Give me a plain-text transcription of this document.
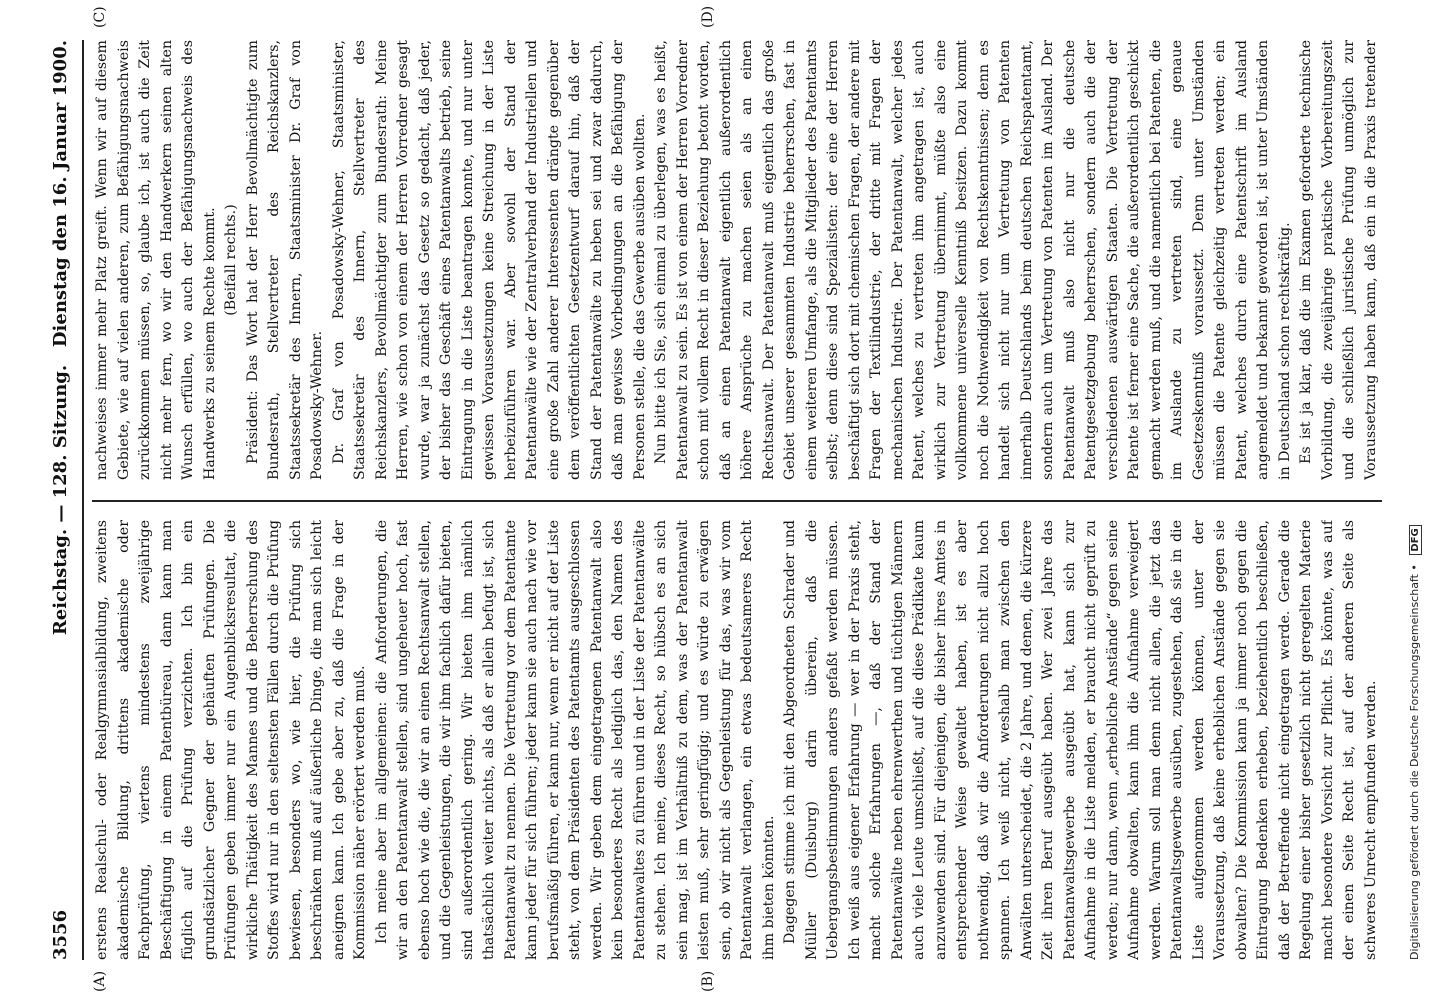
3556
Reichstag. — 128. Sitzung.
Dienstag den 16. Januar 1900.
(A)	(B)
(C)	(D)

erstens Realschul- oder Realgymnasialbildung, zweitens akademische Bildung, drittens akademische oder Fachprüfung, viertens mindestens zweijährige Beschäftigung in einem Patentbüreau, dann kann man füglich auf die Prüfung verzichten. Ich bin ein grundsätzlicher Gegner der gehäuften Prüfungen. Die Prüfungen geben immer nur ein Augenblicksresultat, die wirkliche Thätigkeit des Mannes und die Beherrschung des Stoffes wird nur in den seltensten Fällen durch die Prüfung bewiesen, besonders wo, wie hier, die Prüfung sich beschränken muß auf äußerliche Dinge, die man sich leicht aneignen kann. Ich gebe aber zu, daß die Frage in der Kommission näher erörtert werden muß. Ich meine aber im allgemeinen: die Anforderungen, die wir an den Patentanwalt stellen, sind ungeheuer hoch, fast ebenso hoch wie die, die wir an einen Rechtsanwalt stellen, und die Gegenleistungen, die wir ihm fachlich dafür bieten, sind außerordentlich gering. Wir bieten ihm nämlich thatsächlich weiter nichts, als daß er allein befugt ist, sich Patentanwalt zu nennen. Die Vertretung vor dem Patentamte kann jeder für sich führen; jeder kann sie auch nach wie vor berufsmäßig führen, er kann nur, wenn er nicht auf der Liste steht, von dem Präsidenten des Patentamts ausgeschlossen werden. Wir geben dem eingetragenen Patentanwalt also kein besonderes Recht als lediglich das, den Namen des Patentanwaltes zu führen und in der Liste der Patentanwälte zu stehen. Ich meine, dieses Recht, so hübsch es an sich sein mag, ist im Verhältniß zu dem, was der Patentanwalt leisten muß, sehr geringfügig; und es würde zu erwägen sein, ob wir nicht als Gegenleistung für das, was wir vom Patentanwalt verlangen, ein etwas bedeutsameres Recht ihm bieten könnten. Dagegen stimme ich mit den Abgeordneten Schrader und Müller (Duisburg) darin überein, daß die Uebergangsbestimmungen anders gefaßt werden müssen. Ich weiß aus eigener Erfahrung — wer in der Praxis steht, macht solche Erfahrungen —, daß der Stand der Patentanwälte neben ehrenwerthen und tüchtigen Männern auch viele Leute umschließt, auf die diese Prädikate kaum anzuwenden sind. Für diejenigen, die bisher ihres Amtes in entsprechender Weise gewaltet haben, ist es aber nothwendig, daß wir die Anforderungen nicht allzu hoch spannen. Ich weiß nicht, weshalb man zwischen den Anwälten unterscheidet, die 2 Jahre, und denen, die kürzere Zeit ihren Beruf ausgeübt haben. Wer zwei Jahre das Patentanwaltsgewerbe ausgeübt hat, kann sich zur Aufnahme in die Liste melden, er braucht nicht geprüft zu werden; nur dann, wenn „erhebliche Anstände“ gegen seine Aufnahme obwalten, kann ihm die Aufnahme verweigert werden. Warum soll man denn nicht allen, die jetzt das Patentanwaltsgewerbe ausüben, zugestehen, daß sie in die Liste aufgenommen werden können, unter der Voraussetzung, daß keine erheblichen Anstände gegen sie obwalten? Die Kommission kann ja immer noch gegen die Eintragung Bedenken erheben, beziehentlich beschließen, daß der Betreffende nicht eingetragen werde. Gerade die Regelung einer bisher gesetzlich nicht geregelten Materie macht besondere Vorsicht zur Pflicht. Es könnte, was auf der einen Seite Recht ist, auf der anderen Seite als schweres Unrecht empfunden werden.

nachweises immer mehr Platz greift. Wenn wir auf diesem Gebiete, wie auf vielen anderen, zum Befähigungsnachweis zurückkommen müssen, so, glaube ich, ist auch die Zeit nicht mehr fern, wo wir den Handwerkern seinen alten Wunsch erfüllen, wo auch der Befähigungsnachweis des Handwerks zu seinem Rechte kommt. (Beifall rechts.) Präsident: Das Wort hat der Herr Bevollmächtigte zum Bundesrath, Stellvertreter des Reichskanzlers, Staatssekretär des Innern, Staatsminister Dr. Graf von Posadowsky-Wehner. Dr. Graf von Posadowsky-Wehner, Staatsminister, Staatssekretär des Innern, Stellvertreter des Reichskanzlers, Bevollmächtigter zum Bundesrath: Meine Herren, wie schon von einem der Herren Vorredner gesagt wurde, war ja zunächst das Gesetz so gedacht, daß jeder, der bisher das Geschäft eines Patentanwalts betrieb, seine Eintragung in die Liste beantragen konnte, und nur unter gewissen Voraussetzungen keine Streichung in der Liste herbeizuführen war. Aber sowohl der Stand der Patentanwälte wie der Zentralverband der Industriellen und eine große Zahl anderer Interessenten drängte gegenüber dem veröffentlichten Gesetzentwurf darauf hin, daß der Stand der Patentanwälte zu heben sei und zwar dadurch, daß man gewisse Vorbedingungen an die Befähigung der Personen stelle, die das Gewerbe ausüben wollten. Nun bitte ich Sie, sich einmal zu überlegen, was es heißt, Patentanwalt zu sein. Es ist von einem der Herren Vorredner schon mit vollem Recht in dieser Beziehung betont worden, daß an einen Patentanwalt eigentlich außerordentlich höhere Ansprüche zu machen seien als an einen Rechtsanwalt. Der Patentanwalt muß eigentlich das große Gebiet unserer gesammten Industrie beherrschen, fast in einem weiteren Umfange, als die Mitglieder des Patentamts selbst; denn diese sind Spezialisten: der eine der Herren beschäftigt sich dort mit chemischen Fragen, der andere mit Fragen der Textilindustrie, der dritte mit Fragen der mechanischen Industrie. Der Patentanwalt, welcher jedes Patent, welches zu vertreten ihm angetragen ist, auch wirklich zur Vertretung übernimmt, müßte also eine vollkommene universelle Kenntniß besitzen. Dazu kommt noch die Nothwendigkeit von Rechtskenntnissen; denn es handelt sich nicht nur um Vertretung von Patenten innerhalb Deutschlands beim deutschen Reichspatentamt, sondern auch um Vertretung von Patenten im Ausland. Der Patentanwalt muß also nicht nur die deutsche Patentgesetzgebung beherrschen, sondern auch die der verschiedenen auswärtigen Staaten. Die Vertretung der Patente ist ferner eine Sache, die außerordentlich geschickt gemacht werden muß, und die namentlich bei Patenten, die im Auslande zu vertreten sind, eine genaue Gesetzeskenntniß voraussetzt. Denn unter Umständen müssen die Patente gleichzeitig vertreten werden; ein Patent, welches durch eine Patentschrift im Ausland angemeldet und bekannt geworden ist, ist unter Umständen in Deutschland schon rechtskräftig. Es ist ja klar, daß die im Examen geforderte technische Vorbildung, die zweijährige praktische Vorbereitungszeit und die schließlich juristische Prüfung unmöglich zur Voraussetzung haben kann, daß ein in die Praxis tretender

Digitalisierung gefördert durch die Deutsche Forschungsgemeinschaft • DFG
